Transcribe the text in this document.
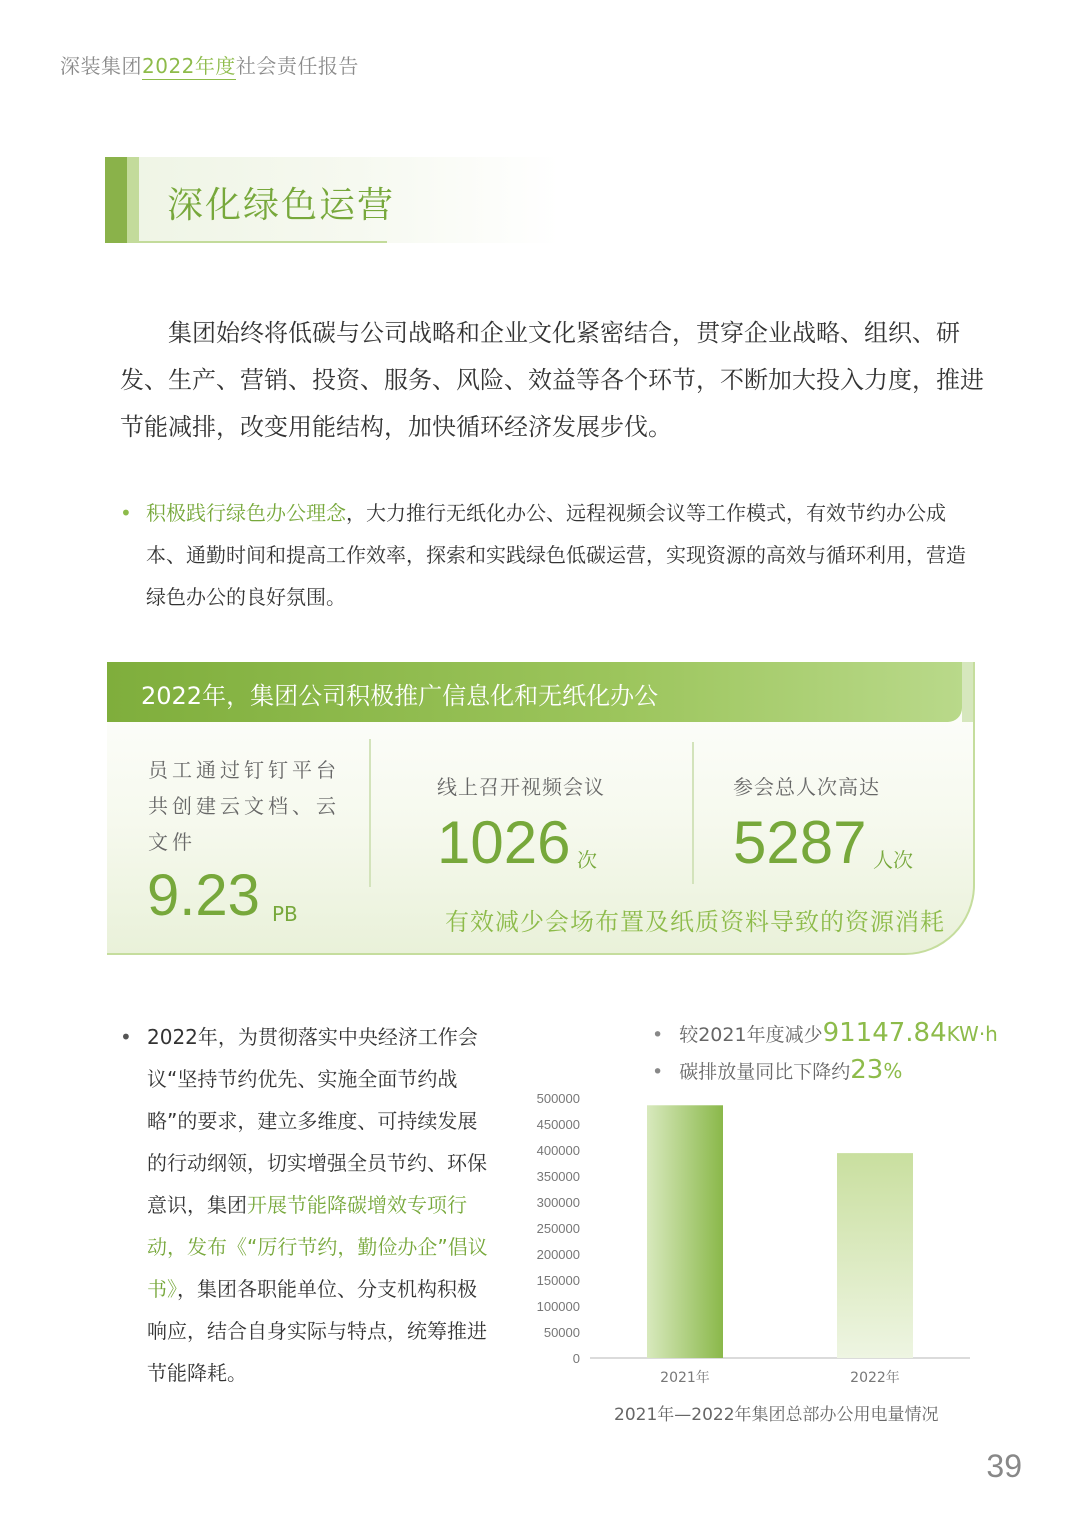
深装集团2022年度社会责任报告
深化绿色运营

集团始终将低碳与公司战略和企业文化紧密结合，贯穿企业战略、组织、研发、生产、营销、投资、服务、风险、效益等各个环节，不断加大投入力度，推进节能减排，改变用能结构，加快循环经济发展步伐。

• 积极践行绿色办公理念，大力推行无纸化办公、远程视频会议等工作模式，有效节约办公成本、通勤时间和提高工作效率，探索和实践绿色低碳运营，实现资源的高效与循环利用，营造绿色办公的良好氛围。
2022年，集团公司积极推广信息化和无纸化办公
员工通过钉钉平台
共创建云文档、云
文件
9.23 PB
线上召开视频会议
1026 次
参会总人次高达
5287 人次
有效减少会场布置及纸质资料导致的资源消耗
• 2022年，为贯彻落实中央经济工作会议“坚持节约优先、实施全面节约战略”的要求，建立多维度、可持续发展的行动纲领，切实增强全员节约、环保意识，集团开展节能降碳增效专项行动，发布《“厉行节约，勤俭办企”倡议书》，集团各职能单位、分支机构积极响应，结合自身实际与特点，统筹推进节能降耗。
• 较2021年度减少91147.84KW·h
• 碳排放量同比下降约23%
0
50000
100000
150000
200000
250000
300000
350000
400000
450000
500000
2021年	2022年
2021年—2022年集团总部办公用电量情况
39
